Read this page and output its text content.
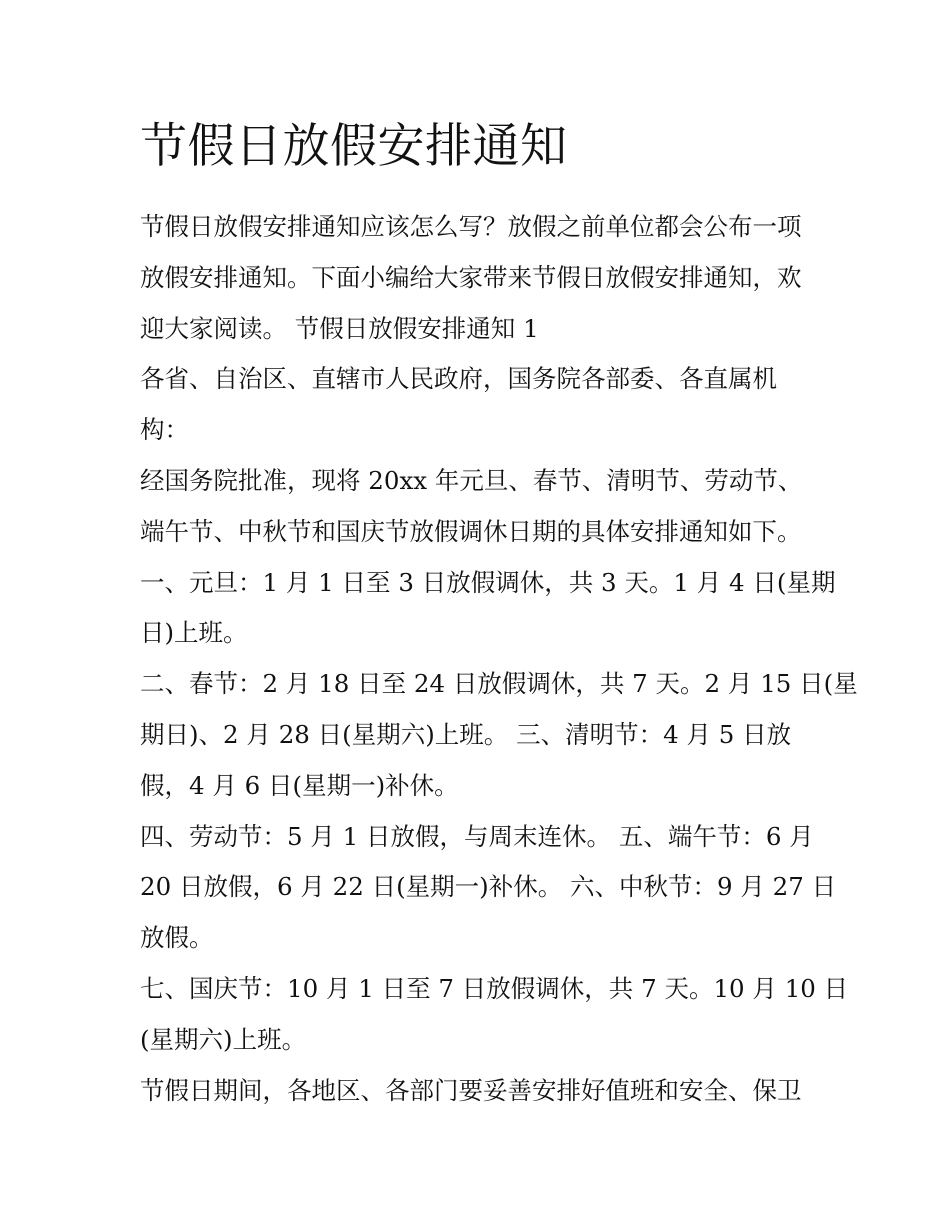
节假日放假安排通知

节假日放假安排通知应该怎么写？放假之前单位都会公布一项

放假安排通知。下面小编给大家带来节假日放假安排通知，欢

迎大家阅读。 节假日放假安排通知 1

各省、自治区、直辖市人民政府，国务院各部委、各直属机

构：

经国务院批准，现将 20xx 年元旦、春节、清明节、劳动节、

端午节、中秋节和国庆节放假调休日期的具体安排通知如下。

一、元旦：1 月 1 日至 3 日放假调休，共 3 天。1 月 4 日(星期

日)上班。

二、春节：2 月 18 日至 24 日放假调休，共 7 天。2 月 15 日(星

期日)、2 月 28 日(星期六)上班。 三、清明节：4 月 5 日放

假，4 月 6 日(星期一)补休。

四、劳动节：5 月 1 日放假，与周末连休。 五、端午节：6 月

20 日放假，6 月 22 日(星期一)补休。 六、中秋节：9 月 27 日

放假。

七、国庆节：10 月 1 日至 7 日放假调休，共 7 天。10 月 10 日

(星期六)上班。

节假日期间，各地区、各部门要妥善安排好值班和安全、保卫
